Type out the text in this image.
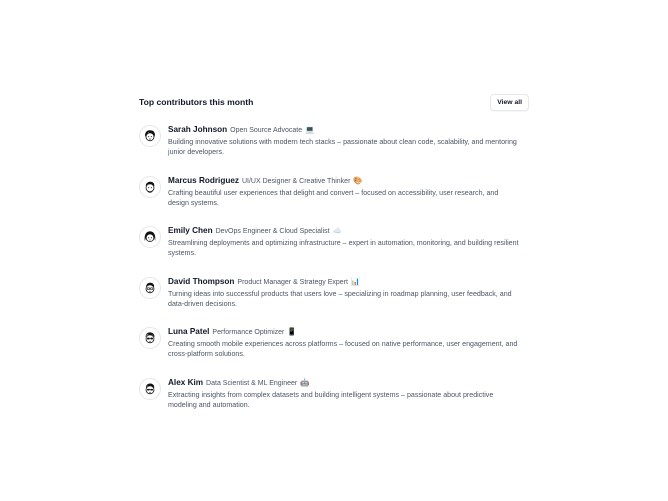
Top contributors this month	View all
Sarah Johnson Open Source Advocate 💻
Building innovative solutions with modern tech stacks – passionate about clean code, scalability, and mentoring junior developers.
Marcus Rodriguez UI/UX Designer & Creative Thinker 🎨
Crafting beautiful user experiences that delight and convert – focused on accessibility, user research, and design systems.
Emily Chen DevOps Engineer & Cloud Specialist ☁️
Streamlining deployments and optimizing infrastructure – expert in automation, monitoring, and building resilient systems.
David Thompson Product Manager & Strategy Expert 📊
Turning ideas into successful products that users love – specializing in roadmap planning, user feedback, and data-driven decisions.
Luna Patel Performance Optimizer 📱
Creating smooth mobile experiences across platforms – focused on native performance, user engagement, and cross-platform solutions.
Alex Kim Data Scientist & ML Engineer 🤖
Extracting insights from complex datasets and building intelligent systems – passionate about predictive modeling and automation.
